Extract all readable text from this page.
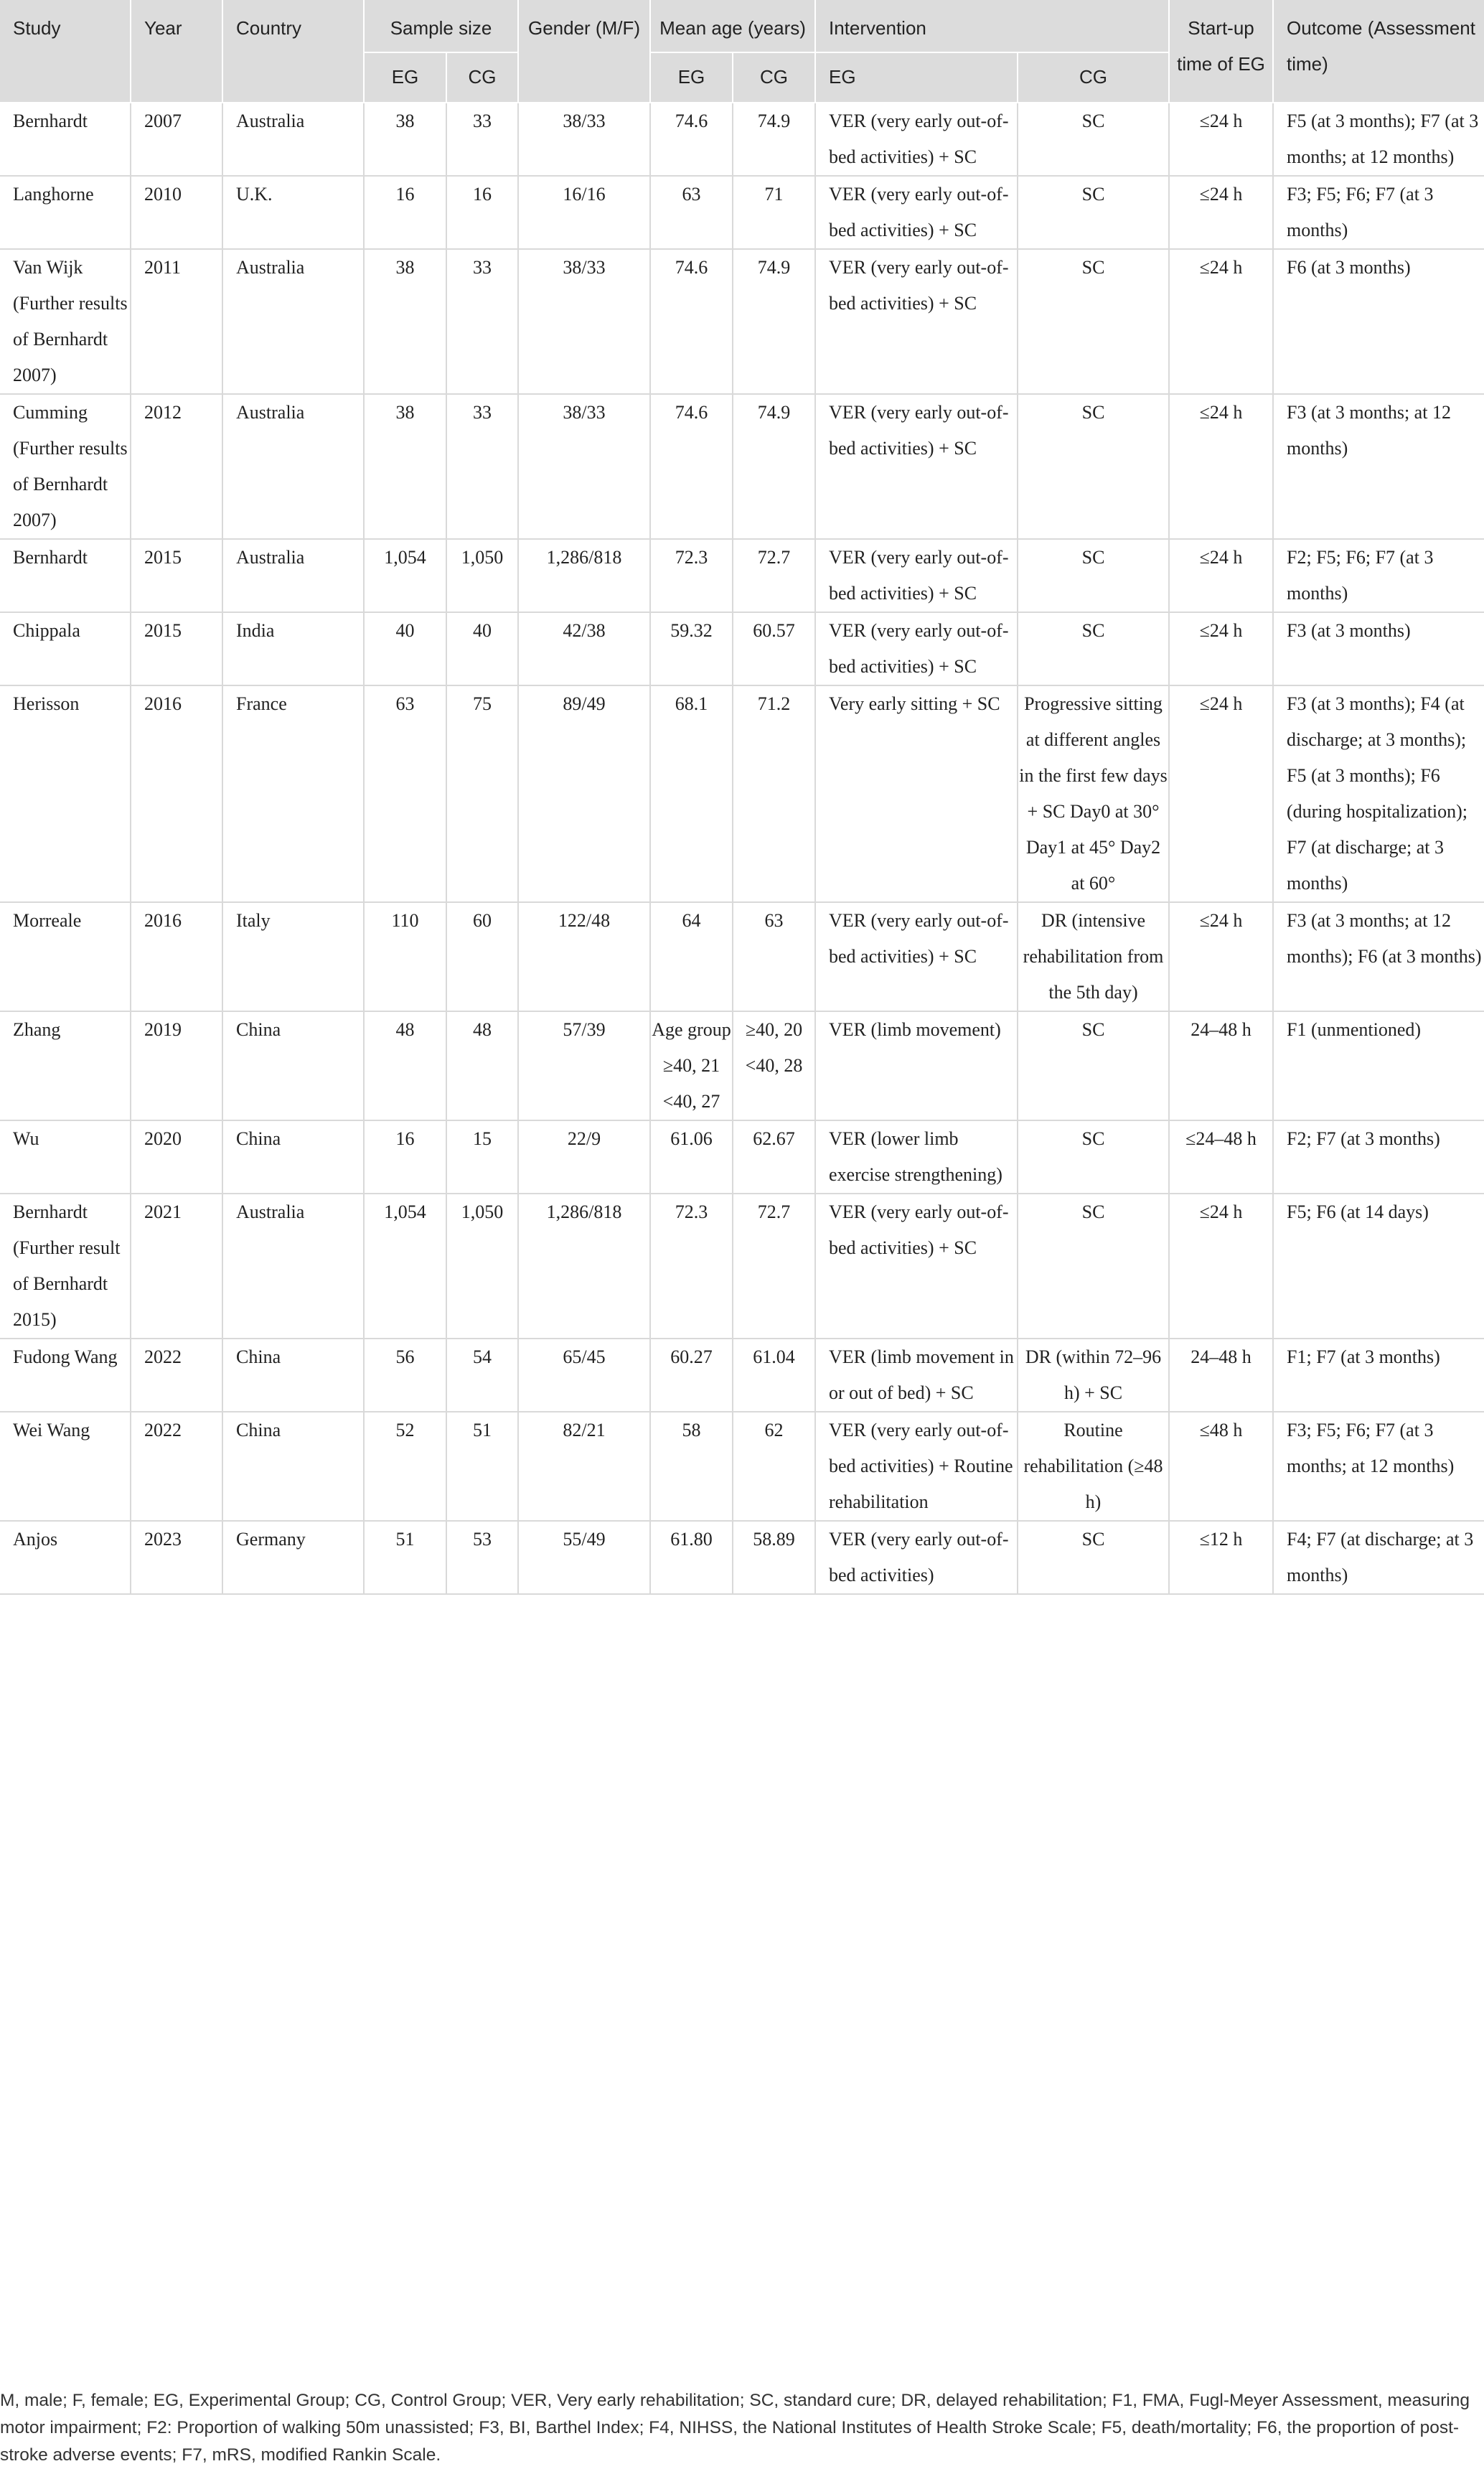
Study	Year	Country	Sample size		Gender (M/F)	Mean age (years)		Intervention		Start-up time of EG	Outcome (Assessment time)
			EG	CG		EG	CG	EG	CG		
Bernhardt	2007	Australia	38	33	38/33	74.6	74.9	VER (very early out-of-bed activities) + SC	SC	≤24 h	F5 (at 3 months); F7 (at 3 months; at 12 months)
Langhorne	2010	U.K.	16	16	16/16	63	71	VER (very early out-of-bed activities) + SC	SC	≤24 h	F3; F5; F6; F7 (at 3 months)
Van Wijk (Further results of Bernhardt 2007)	2011	Australia	38	33	38/33	74.6	74.9	VER (very early out-of-bed activities) + SC	SC	≤24 h	F6 (at 3 months)
Cumming (Further results of Bernhardt 2007)	2012	Australia	38	33	38/33	74.6	74.9	VER (very early out-of-bed activities) + SC	SC	≤24 h	F3 (at 3 months; at 12 months)
Bernhardt	2015	Australia	1,054	1,050	1,286/818	72.3	72.7	VER (very early out-of-bed activities) + SC	SC	≤24 h	F2; F5; F6; F7 (at 3 months)
Chippala	2015	India	40	40	42/38	59.32	60.57	VER (very early out-of-bed activities) + SC	SC	≤24 h	F3 (at 3 months)
Herisson	2016	France	63	75	89/49	68.1	71.2	Very early sitting + SC	Progressive sitting at different angles in the first few days + SC Day0 at 30° Day1 at 45° Day2 at 60°	≤24 h	F3 (at 3 months); F4 (at discharge; at 3 months); F5 (at 3 months); F6 (during hospitalization); F7 (at discharge; at 3 months)
Morreale	2016	Italy	110	60	122/48	64	63	VER (very early out-of-bed activities) + SC	DR (intensive rehabilitation from the 5th day)	≤24 h	F3 (at 3 months; at 12 months); F6 (at 3 months)
Zhang	2019	China	48	48	57/39	Age group ≥40, 21 <40, 27	≥40, 20 <40, 28	VER (limb movement)	SC	24–48 h	F1 (unmentioned)
Wu	2020	China	16	15	22/9	61.06	62.67	VER (lower limb exercise strengthening)	SC	≤24–48 h	F2; F7 (at 3 months)
Bernhardt (Further result of Bernhardt 2015)	2021	Australia	1,054	1,050	1,286/818	72.3	72.7	VER (very early out-of-bed activities) + SC	SC	≤24 h	F5; F6 (at 14 days)
Fudong Wang	2022	China	56	54	65/45	60.27	61.04	VER (limb movement in or out of bed) + SC	DR (within 72–96 h) + SC	24–48 h	F1; F7 (at 3 months)
Wei Wang	2022	China	52	51	82/21	58	62	VER (very early out-of-bed activities) + Routine rehabilitation	Routine rehabilitation (≥48 h)	≤48 h	F3; F5; F6; F7 (at 3 months; at 12 months)
Anjos	2023	Germany	51	53	55/49	61.80	58.89	VER (very early out-of-bed activities)	SC	≤12 h	F4; F7 (at discharge; at 3 months)
M, male; F, female; EG, Experimental Group; CG, Control Group; VER, Very early rehabilitation; SC, standard cure; DR, delayed rehabilitation; F1, FMA, Fugl-Meyer Assessment, measuring motor impairment; F2: Proportion of walking 50m unassisted; F3, BI, Barthel Index; F4, NIHSS, the National Institutes of Health Stroke Scale; F5, death/mortality; F6, the proportion of post-stroke adverse events; F7, mRS, modified Rankin Scale.
